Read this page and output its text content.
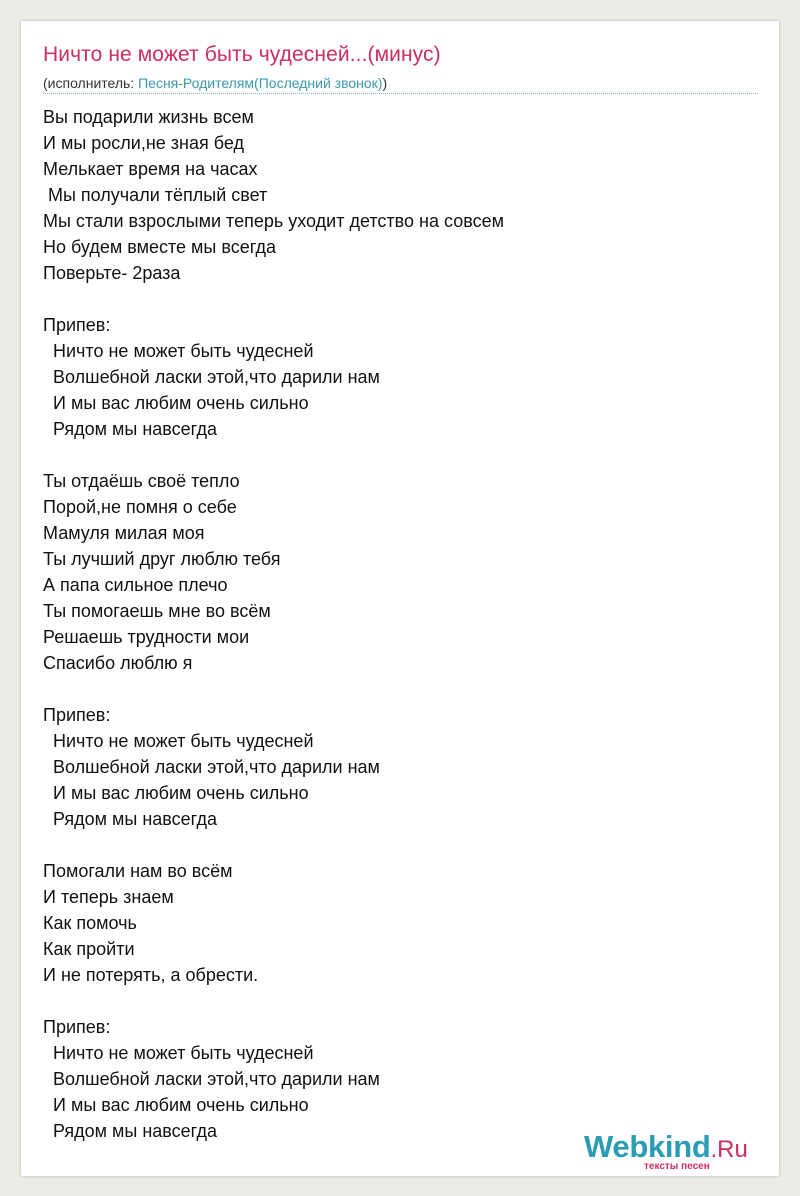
Ничто не может быть чудесней...(минус)
(исполнитель: Песня-Родителям(Последний звонок))
Вы подарили жизнь всем
И мы росли,не зная бед
Мелькает время на часах
Мы получали тёплый свет
Мы стали взрослыми теперь уходит детство на совсем
Но будем вместе мы всегда
Поверьте- 2раза
Припев:
Ничто не может быть чудесней
Волшебной ласки этой,что дарили нам
И мы вас любим очень сильно
Рядом мы навсегда
Ты отдаёшь своё тепло
Порой,не помня о себе
Мамуля милая моя
Ты лучший друг люблю тебя
А папа сильное плечо
Ты помогаешь мне во всём
Решаешь трудности мои
Спасибо люблю я
Припев:
Ничто не может быть чудесней
Волшебной ласки этой,что дарили нам
И мы вас любим очень сильно
Рядом мы навсегда
Помогали нам во всём
И теперь знаем
Как помочь
Как пройти
И не потерять, а обрести.
Припев:
Ничто не может быть чудесней
Волшебной ласки этой,что дарили нам
И мы вас любим очень сильно
Рядом мы навсегда	Webkind.Ru
тексты песен
